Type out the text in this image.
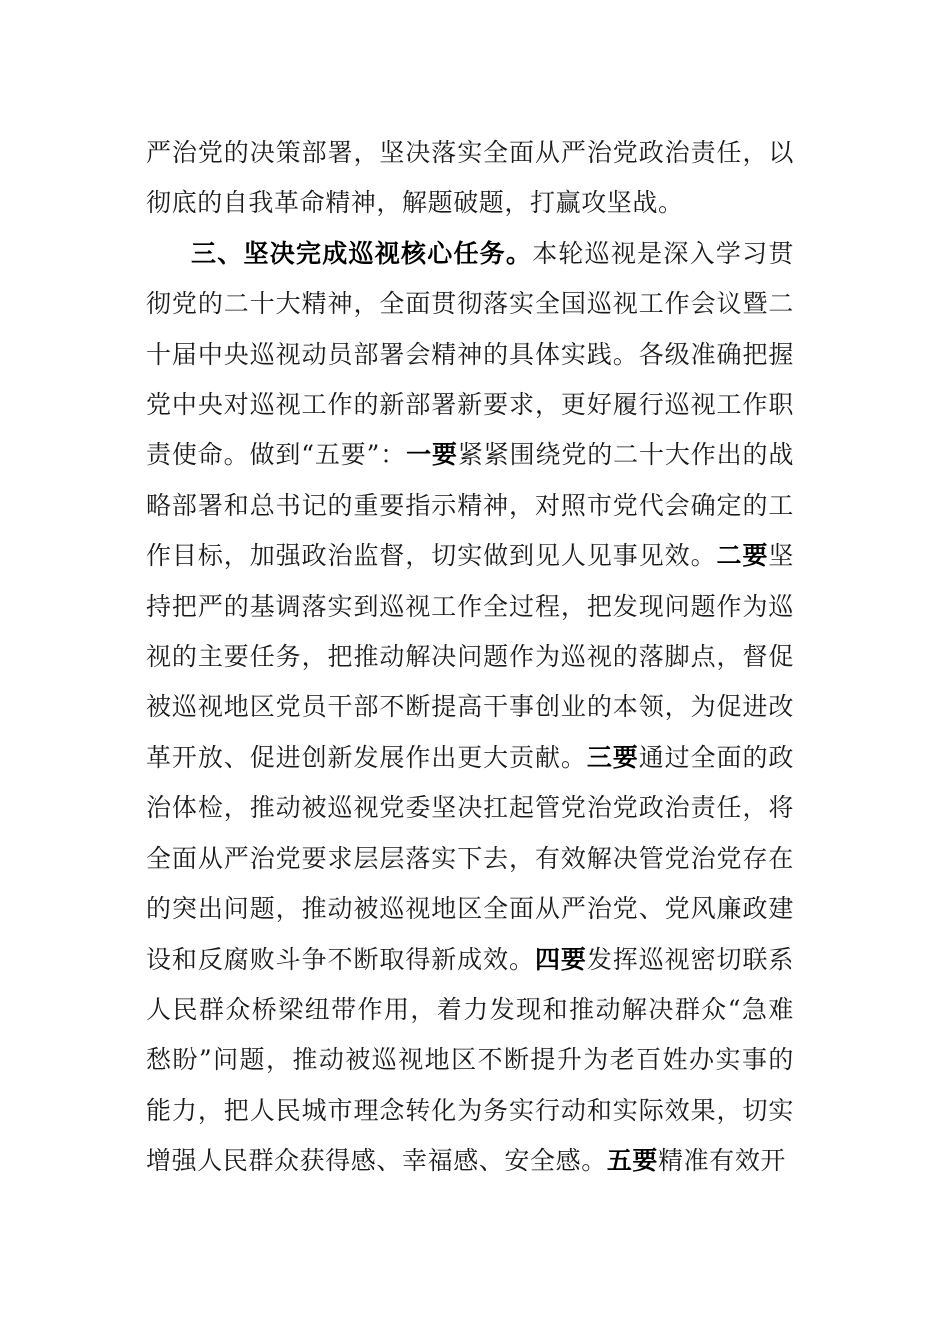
严治党的决策部署，坚决落实全面从严治党政治责任，以彻底的自我革命精神，解题破题，打赢攻坚战。

三、坚决完成巡视核心任务。本轮巡视是深入学习贯彻党的二十大精神，全面贯彻落实全国巡视工作会议暨二十届中央巡视动员部署会精神的具体实践。各级准确把握党中央对巡视工作的新部署新要求，更好履行巡视工作职责使命。做到“五要”：一要紧紧围绕党的二十大作出的战略部署和总书记的重要指示精神，对照市党代会确定的工作目标，加强政治监督，切实做到见人见事见效。二要坚持把严的基调落实到巡视工作全过程，把发现问题作为巡视的主要任务，把推动解决问题作为巡视的落脚点，督促被巡视地区党员干部不断提高干事创业的本领，为促进改革开放、促进创新发展作出更大贡献。三要通过全面的政治体检，推动被巡视党委坚决扛起管党治党政治责任，将全面从严治党要求层层落实下去，有效解决管党治党存在的突出问题，推动被巡视地区全面从严治党、党风廉政建设和反腐败斗争不断取得新成效。四要发挥巡视密切联系人民群众桥梁纽带作用，着力发现和推动解决群众“急难愁盼”问题，推动被巡视地区不断提升为老百姓办实事的能力，把人民城市理念转化为务实行动和实际效果，切实增强人民群众获得感、幸福感、安全感。五要精准有效开
